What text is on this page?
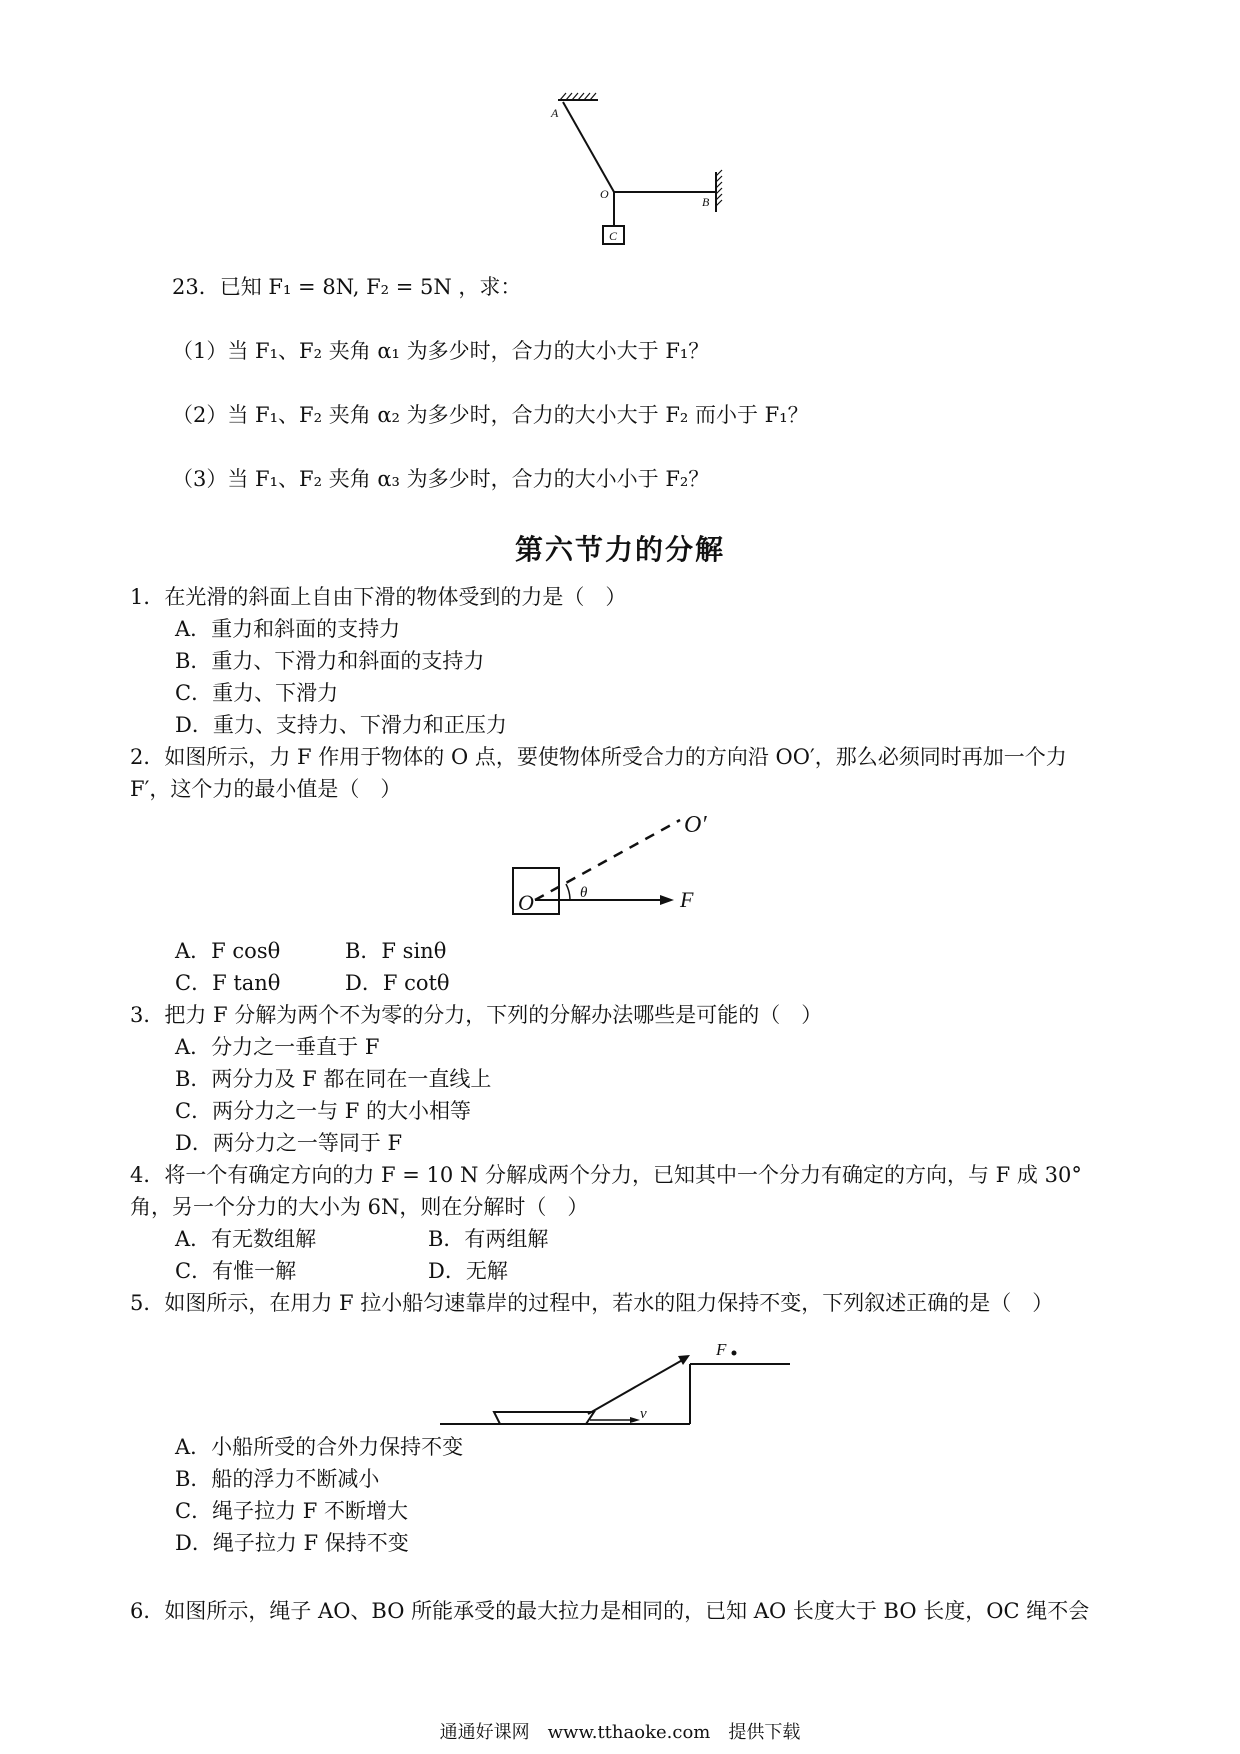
A
O
B
C
23．已知 F₁ = 8N, F₂ = 5N ，求：
（1）当 F₁、F₂ 夹角 α₁ 为多少时，合力的大小大于 F₁？
（2）当 F₁、F₂ 夹角 α₂ 为多少时，合力的大小大于 F₂ 而小于 F₁？
（3）当 F₁、F₂ 夹角 α₃ 为多少时，合力的大小小于 F₂？
第六节力的分解
1．在光滑的斜面上自由下滑的物体受到的力是（　）
A．重力和斜面的支持力
B．重力、下滑力和斜面的支持力
C．重力、下滑力
D．重力、支持力、下滑力和正压力
2．如图所示，力 F 作用于物体的 O 点，要使物体所受合力的方向沿 OO′，那么必须同时再加一个力
F′，这个力的最小值是（　）
O′
O	θ	F
A．F cosθ	B．F sinθ
C．F tanθ	D．F cotθ
3．把力 F 分解为两个不为零的分力，下列的分解办法哪些是可能的（　）
A．分力之一垂直于 F
B．两分力及 F 都在同在一直线上
C．两分力之一与 F 的大小相等
D．两分力之一等同于 F
4．将一个有确定方向的力 F = 10 N 分解成两个分力，已知其中一个分力有确定的方向，与 F 成 30°
角，另一个分力的大小为 6N，则在分解时（　）
A．有无数组解	B．有两组解
C．有惟一解	D．无解
5．如图所示，在用力 F 拉小船匀速靠岸的过程中，若水的阻力保持不变，下列叙述正确的是（　）
F
v
A．小船所受的合外力保持不变
B．船的浮力不断减小
C．绳子拉力 F 不断增大
D．绳子拉力 F 保持不变
6．如图所示，绳子 AO、BO 所能承受的最大拉力是相同的，已知 AO 长度大于 BO 长度，OC 绳不会
通通好课网　www.tthaoke.com　提供下载
